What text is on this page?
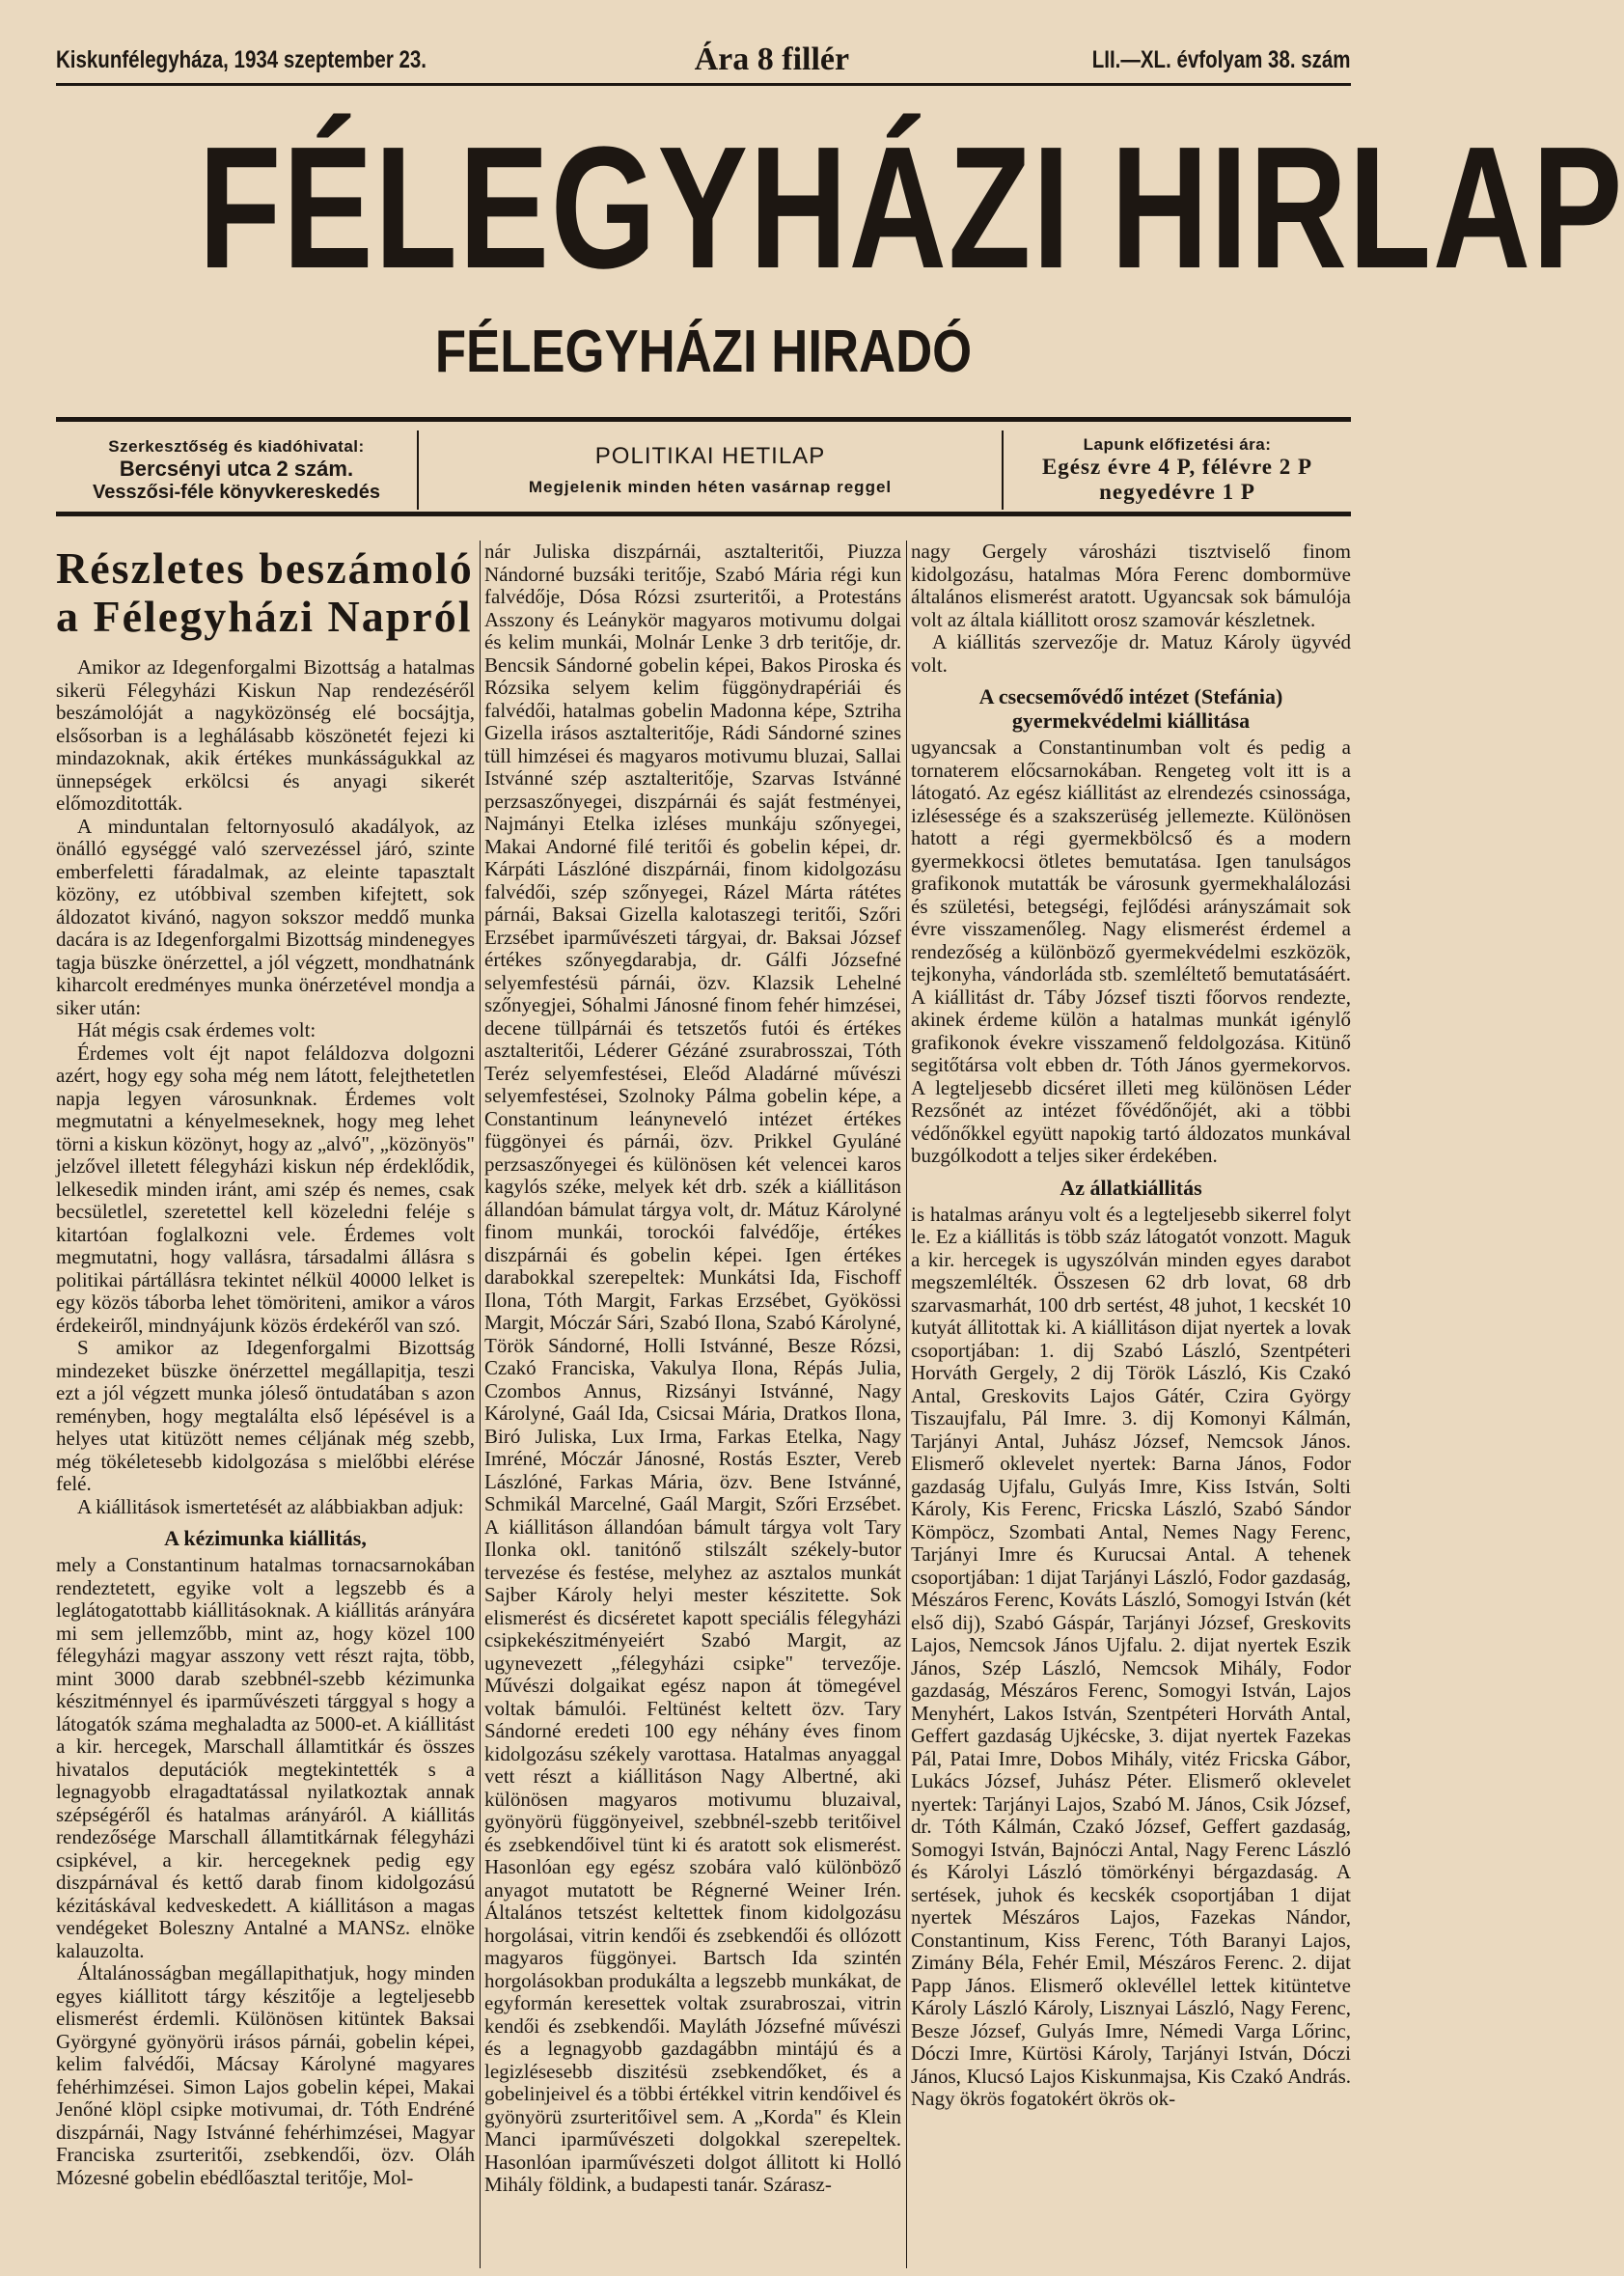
Kiskunfélegyháza, 1934 szeptember 23.	Ára 8 fillér	LII.—XL. évfolyam 38. szám
FÉLEGYHÁZI HIRLAP
FÉLEGYHÁZI HIRADÓ
Szerkesztőség és kiadóhivatal:
Bercsényi utca 2 szám.
Vesszősi-féle könyvkereskedés
POLITIKAI HETILAP
Megjelenik minden héten vasárnap reggel
Lapunk előfizetési ára:
Egész évre 4 P, félévre 2 P
negyedévre 1 P
Részletes beszámoló a Félegyházi Napról

Amikor az Idegenforgalmi Bizottság a hatalmas sikerü Félegyházi Kiskun Nap rendezéséről beszámolóját a nagyközönség elé bocsájtja, elsősorban is a leghálásabb köszönetét fejezi ki mindazoknak, akik értékes munkásságukkal az ünnepségek erkölcsi és anyagi sikerét előmozditották.

A minduntalan feltornyosuló akadályok, az önálló egységgé való szervezéssel járó, szinte emberfeletti fáradalmak, az eleinte tapasztalt közöny, ez utóbbival szemben kifejtett, sok áldozatot kivánó, nagyon sokszor meddő munka dacára is az Idegenforgalmi Bizottság mindenegyes tagja büszke önérzettel, a jól végzett, mondhatnánk kiharcolt eredményes munka önérzetével mondja a siker után:

Hát mégis csak érdemes volt:

Érdemes volt éjt napot feláldozva dolgozni azért, hogy egy soha még nem látott, felejthetetlen napja legyen városunknak. Érdemes volt megmutatni a kényelmeseknek, hogy meg lehet törni a kiskun közönyt, hogy az „alvó", „közönyös" jelzővel illetett félegyházi kiskun nép érdeklődik, lelkesedik minden iránt, ami szép és nemes, csak becsületlel, szeretettel kell közeledni feléje s kitartóan foglalkozni vele. Érdemes volt megmutatni, hogy vallásra, társadalmi állásra s politikai pártállásra tekintet nélkül 40000 lelket is egy közös táborba lehet tömöriteni, amikor a város érdekeiről, mindnyájunk közös érdekéről van szó.

S amikor az Idegenforgalmi Bizottság mindezeket büszke önérzettel megállapitja, teszi ezt a jól végzett munka jóleső öntudatában s azon reményben, hogy megtalálta első lépésével is a helyes utat kitüzött nemes céljának még szebb, még tökéletesebb kidolgozása s mielőbbi elérése felé.

A kiállitások ismertetését az alábbiakban adjuk:

A kézimunka kiállitás,

mely a Constantinum hatalmas tornacsarnokában rendeztetett, egyike volt a legszebb és a leglátogatottabb kiállitásoknak. A kiállitás arányára mi sem jellemzőbb, mint az, hogy közel 100 félegyházi magyar asszony vett részt rajta, több, mint 3000 darab szebbnél-szebb kézimunka készitménnyel és iparművészeti tárggyal s hogy a látogatók száma meghaladta az 5000-et. A kiállitást a kir. hercegek, Marschall államtitkár és összes hivatalos deputációk megtekintették s a legnagyobb elragadtatással nyilatkoztak annak szépségéről és hatalmas arányáról. A kiállitás rendezősége Marschall államtitkárnak félegyházi csipkével, a kir. hercegeknek pedig egy diszpárnával és kettő darab finom kidolgozású kézitáskával kedveskedett. A kiállitáson a magas vendégeket Boleszny Antalné a MANSz. elnöke kalauzolta.

Általánosságban megállapithatjuk, hogy minden egyes kiállitott tárgy készitője a legteljesebb elismerést érdemli. Különösen kitüntek Baksai Györgyné gyönyörü irásos párnái, gobelin képei, kelim falvédői, Mácsay Károlyné magyares fehérhimzései. Simon Lajos gobelin képei, Makai Jenőné klöpl csipke motivumai, dr. Tóth Endréné diszpárnái, Nagy Istvánné fehérhimzései, Magyar Franciska zsurteritői, zsebkendői, özv. Oláh Mózesné gobelin ebédlőasztal teritője, Mol-

nár Juliska diszpárnái, asztalteritői, Piuzza Nándorné buzsáki teritője, Szabó Mária régi kun falvédője, Dósa Rózsi zsurteritői, a Protestáns Asszony és Leánykör magyaros motivumu dolgai és kelim munkái, Molnár Lenke 3 drb teritője, dr. Bencsik Sándorné gobelin képei, Bakos Piroska és Rózsika selyem kelim függönydrapériái és falvédői, hatalmas gobelin Madonna képe, Sztriha Gizella irásos asztalteritője, Rádi Sándorné szines tüll himzései és magyaros motivumu bluzai, Sallai Istvánné szép asztalteritője, Szarvas Istvánné perzsaszőnyegei, diszpárnái és saját festményei, Najmányi Etelka izléses munkáju szőnyegei, Makai Andorné filé teritői és gobelin képei, dr. Kárpáti Lászlóné diszpárnái, finom kidolgozásu falvédői, szép szőnyegei, Rázel Márta rátétes párnái, Baksai Gizella kalotaszegi teritői, Szőri Erzsébet iparművészeti tárgyai, dr. Baksai József értékes szőnyegdarabja, dr. Gálfi Józsefné selyemfestésü párnái, özv. Klazsik Lehelné szőnyegjei, Sóhalmi Jánosné finom fehér himzései, decene tüllpárnái és tetszetős futói és értékes asztalteritői, Léderer Gézáné zsurabrosszai, Tóth Teréz selyemfestései, Eleőd Aladárné művészi selyemfestései, Szolnoky Pálma gobelin képe, a Constantinum leányneveló intézet értékes függönyei és párnái, özv. Prikkel Gyuláné perzsaszőnyegei és különösen két velencei karos kagylós széke, melyek két drb. szék a kiállitáson állandóan bámulat tárgya volt, dr. Mátuz Károlyné finom munkái, torockói falvédője, értékes diszpárnái és gobelin képei. Igen értékes darabokkal szerepeltek: Munkátsi Ida, Fischoff Ilona, Tóth Margit, Farkas Erzsébet, Gyökössi Margit, Móczár Sári, Szabó Ilona, Szabó Károlyné, Török Sándorné, Holli Istvánné, Besze Rózsi, Czakó Franciska, Vakulya Ilona, Répás Julia, Czombos Annus, Rizsányi Istvánné, Nagy Károlyné, Gaál Ida, Csicsai Mária, Dratkos Ilona, Biró Juliska, Lux Irma, Farkas Etelka, Nagy Imréné, Móczár Jánosné, Rostás Eszter, Vereb Lászlóné, Farkas Mária, özv. Bene Istvánné, Schmikál Marcelné, Gaál Margit, Szőri Erzsébet. A kiállitáson állandóan bámult tárgya volt Tary Ilonka okl. tanitónő stilszált székely-butor tervezése és festése, melyhez az asztalos munkát Sajber Károly helyi mester készitette. Sok elismerést és dicséretet kapott speciális félegyházi csipkekészitményeiért Szabó Margit, az ugynevezett „félegyházi csipke" tervezője. Művészi dolgaikat egész napon át tömegével voltak bámulói. Feltünést keltett özv. Tary Sándorné eredeti 100 egy néhány éves finom kidolgozásu székely varottasa. Hatalmas anyaggal vett részt a kiállitáson Nagy Albertné, aki különösen magyaros motivumu bluzaival, gyönyörü függönyeivel, szebbnél-szebb teritőivel és zsebkendőivel tünt ki és aratott sok elismerést. Hasonlóan egy egész szobára való különböző anyagot mutatott be Régnerné Weiner Irén. Általános tetszést keltettek finom kidolgozásu horgolásai, vitrin kendői és zsebkendői és ollózott magyaros függönyei. Bartsch Ida szintén horgolásokban produkálta a legszebb munkákat, de egyformán keresettek voltak zsurabroszai, vitrin kendői és zsebkendői. Mayláth Józsefné művészi és a legnagyobb gazdagábbn mintájú és a legizlésesebb diszitésü zsebkendőket, és a gobelinjeivel és a többi értékkel vitrin kendőivel és gyönyörü zsurteritőivel sem. A „Korda" és Klein Manci iparművészeti dolgokkal szerepeltek. Hasonlóan iparművészeti dolgot állitott ki Holló Mihály földink, a budapesti tanár. Szárasz-

nagy Gergely városházi tisztviselő finom kidolgozásu, hatalmas Móra Ferenc dombormüve általános elismerést aratott. Ugyancsak sok bámulója volt az általa kiállitott orosz szamovár készletnek.

A kiállitás szervezője dr. Matuz Károly ügyvéd volt.

A csecsemővédő intézet (Stefánia) gyermekvédelmi kiállitása

ugyancsak a Constantinumban volt és pedig a tornaterem előcsarnokában. Rengeteg volt itt is a látogató. Az egész kiállitást az elrendezés csinossága, izlésessége és a szakszerüség jellemezte. Különösen hatott a régi gyermekbölcső és a modern gyermekkocsi ötletes bemutatása. Igen tanulságos grafikonok mutatták be városunk gyermekhalálozási és születési, betegségi, fejlődési arányszámait sok évre visszamenőleg. Nagy elismerést érdemel a rendezőség a különböző gyermekvédelmi eszközök, tejkonyha, vándorláda stb. szemléltető bemutatásáért. A kiállitást dr. Táby József tiszti főorvos rendezte, akinek érdeme külön a hatalmas munkát igénylő grafikonok évekre visszamenő feldolgozása. Kitünő segitőtársa volt ebben dr. Tóth János gyermekorvos. A legteljesebb dicséret illeti meg különösen Léder Rezsőnét az intézet fővédőnőjét, aki a többi védőnőkkel együtt napokig tartó áldozatos munkával buzgólkodott a teljes siker érdekében.

Az állatkiállitás

is hatalmas arányu volt és a legteljesebb sikerrel folyt le. Ez a kiállitás is több száz látogatót vonzott. Maguk a kir. hercegek is ugyszólván minden egyes darabot megszemlélték. Összesen 62 drb lovat, 68 drb szarvasmarhát, 100 drb sertést, 48 juhot, 1 kecskét 10 kutyát állitottak ki. A kiállitáson dijat nyertek a lovak csoportjában: 1. dij Szabó László, Szentpéteri Horváth Gergely, 2 dij Török László, Kis Czakó Antal, Greskovits Lajos Gátér, Czira György Tiszaujfalu, Pál Imre. 3. dij Komonyi Kálmán, Tarjányi Antal, Juhász József, Nemcsok János. Elismerő oklevelet nyertek: Barna János, Fodor gazdaság Ujfalu, Gulyás Imre, Kiss István, Solti Károly, Kis Ferenc, Fricska László, Szabó Sándor Kömpöcz, Szombati Antal, Nemes Nagy Ferenc, Tarjányi Imre és Kurucsai Antal. A tehenek csoportjában: 1 dijat Tarjányi László, Fodor gazdaság, Mészáros Ferenc, Kováts László, Somogyi István (két első dij), Szabó Gáspár, Tarjányi József, Greskovits Lajos, Nemcsok János Ujfalu. 2. dijat nyertek Eszik János, Szép László, Nemcsok Mihály, Fodor gazdaság, Mészáros Ferenc, Somogyi István, Lajos Menyhért, Lakos István, Szentpéteri Horváth Antal, Geffert gazdaság Ujkécske, 3. dijat nyertek Fazekas Pál, Patai Imre, Dobos Mihály, vitéz Fricska Gábor, Lukács József, Juhász Péter. Elismerő oklevelet nyertek: Tarjányi Lajos, Szabó M. János, Csik József, dr. Tóth Kálmán, Czakó József, Geffert gazdaság, Somogyi István, Bajnóczi Antal, Nagy Ferenc László és Károlyi László tömörkényi bérgazdaság. A sertések, juhok és kecskék csoportjában 1 dijat nyertek Mészáros Lajos, Fazekas Nándor, Constantinum, Kiss Ferenc, Tóth Baranyi Lajos, Zimány Béla, Fehér Emil, Mészáros Ferenc. 2. dijat Papp János. Elismerő oklevéllel lettek kitüntetve Károly László Károly, Lisznyai László, Nagy Ferenc, Besze József, Gulyás Imre, Némedi Varga Lőrinc, Dóczi Imre, Kürtösi Károly, Tarjányi István, Dóczi János, Klucsó Lajos Kiskunmajsa, Kis Czakó András. Nagy ökrös fogatokért ökrös ok-
